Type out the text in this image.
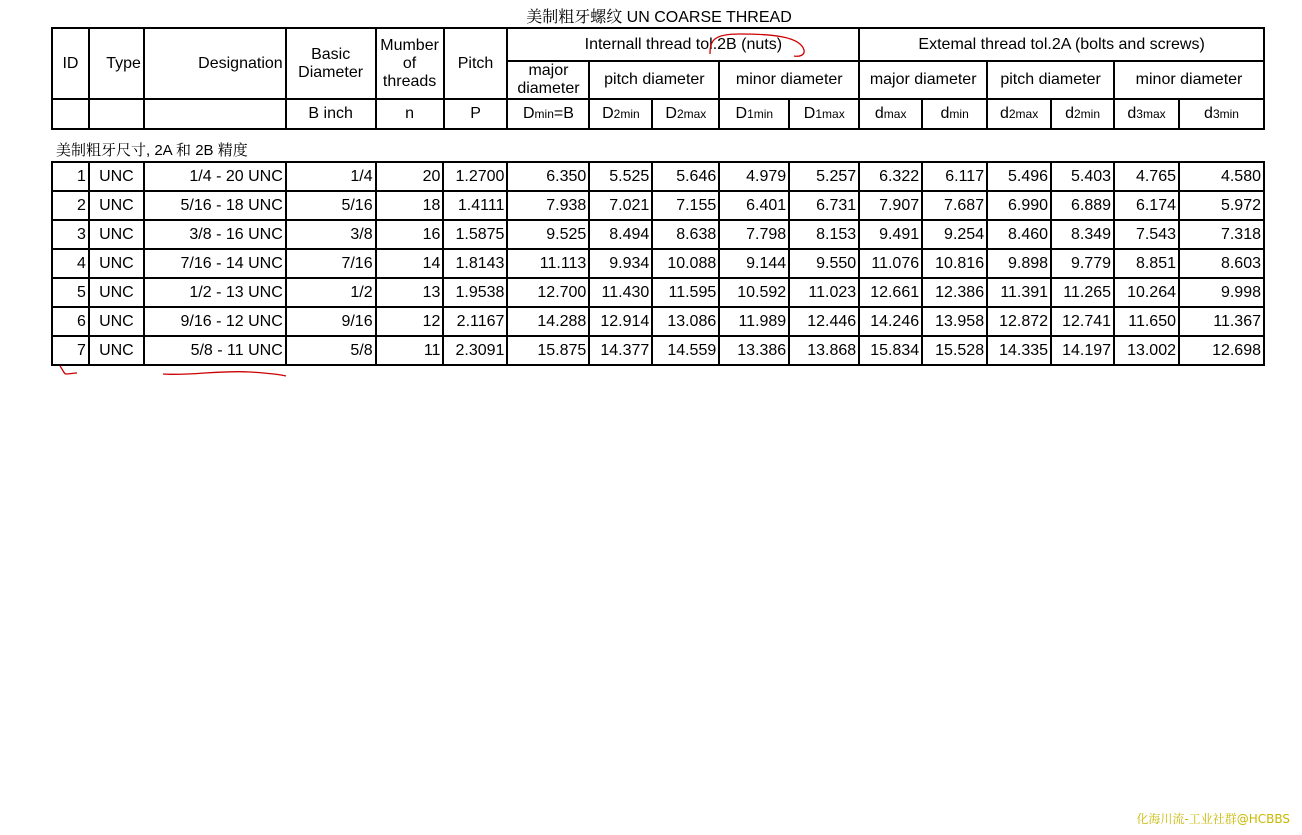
美制粗牙螺纹 UN COARSE THREAD
ID	Type	Designation	Basic Diameter	Mumber of threads	Pitch	Internall thread tol.2B (nuts)					Extemal thread tol.2A (bolts and screws)					
						major diameter	pitch diameter		minor diameter		major diameter		pitch diameter		minor diameter	
			B inch	n	P	Dmin=B	D2min	D2max	D1min	D1max	dmax	dmin	d2max	d2min	d3max	d3min
美制粗牙尺寸, 2A 和 2B 精度
1	UNC	1/4 - 20 UNC	1/4	20	1.2700	6.350	5.525	5.646	4.979	5.257	6.322	6.117	5.496	5.403	4.765	4.580
2	UNC	5/16 - 18 UNC	5/16	18	1.4111	7.938	7.021	7.155	6.401	6.731	7.907	7.687	6.990	6.889	6.174	5.972
3	UNC	3/8 - 16 UNC	3/8	16	1.5875	9.525	8.494	8.638	7.798	8.153	9.491	9.254	8.460	8.349	7.543	7.318
4	UNC	7/16 - 14 UNC	7/16	14	1.8143	11.113	9.934	10.088	9.144	9.550	11.076	10.816	9.898	9.779	8.851	8.603
5	UNC	1/2 - 13 UNC	1/2	13	1.9538	12.700	11.430	11.595	10.592	11.023	12.661	12.386	11.391	11.265	10.264	9.998
6	UNC	9/16 - 12 UNC	9/16	12	2.1167	14.288	12.914	13.086	11.989	12.446	14.246	13.958	12.872	12.741	11.650	11.367
7	UNC	5/8 - 11 UNC	5/8	11	2.3091	15.875	14.377	14.559	13.386	13.868	15.834	15.528	14.335	14.197	13.002	12.698
化海川流-工业社群@HCBBS
